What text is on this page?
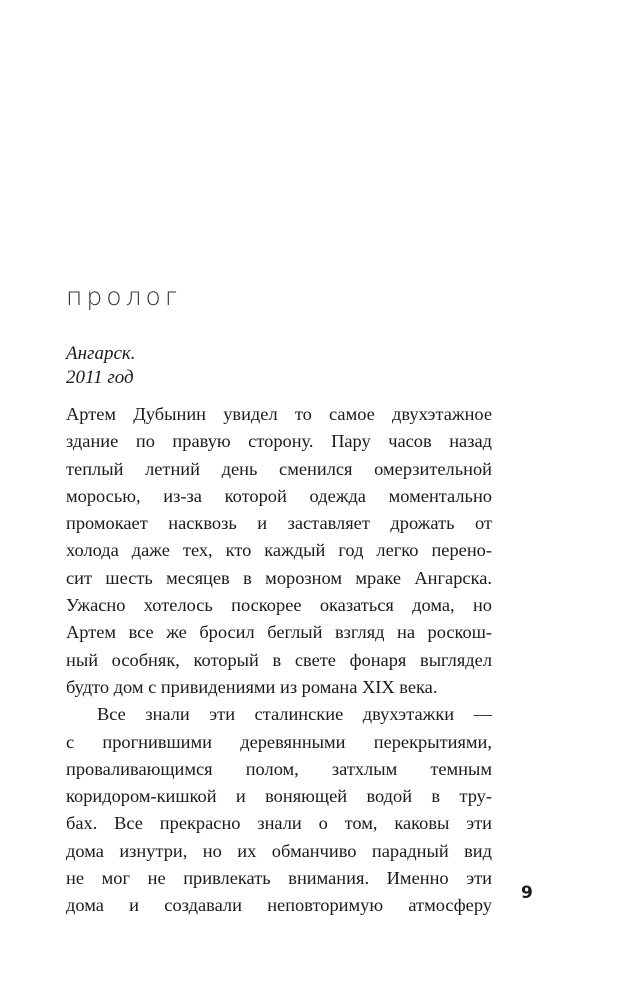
пролог
Ангарск.
2011 год
Артем Дубынин увидел то самое двухэтажное
здание по правую сторону. Пару часов назад
теплый летний день сменился омерзительной
моросью, из-за которой одежда моментально
промокает насквозь и заставляет дрожать от
холода даже тех, кто каждый год легко перено-
сит шесть месяцев в морозном мраке Ангарска.
Ужасно хотелось поскорее оказаться дома, но
Артем все же бросил беглый взгляд на роскош-
ный особняк, который в свете фонаря выглядел
будто дом с привидениями из романа XIX века.
Все знали эти сталинские двухэтажки —
с прогнившими деревянными перекрытиями,
проваливающимся полом, затхлым темным
коридором-кишкой и воняющей водой в тру-
бах. Все прекрасно знали о том, каковы эти
дома изнутри, но их обманчиво парадный вид
не мог не привлекать внимания. Именно эти
дома и создавали неповторимую атмосферу
9
